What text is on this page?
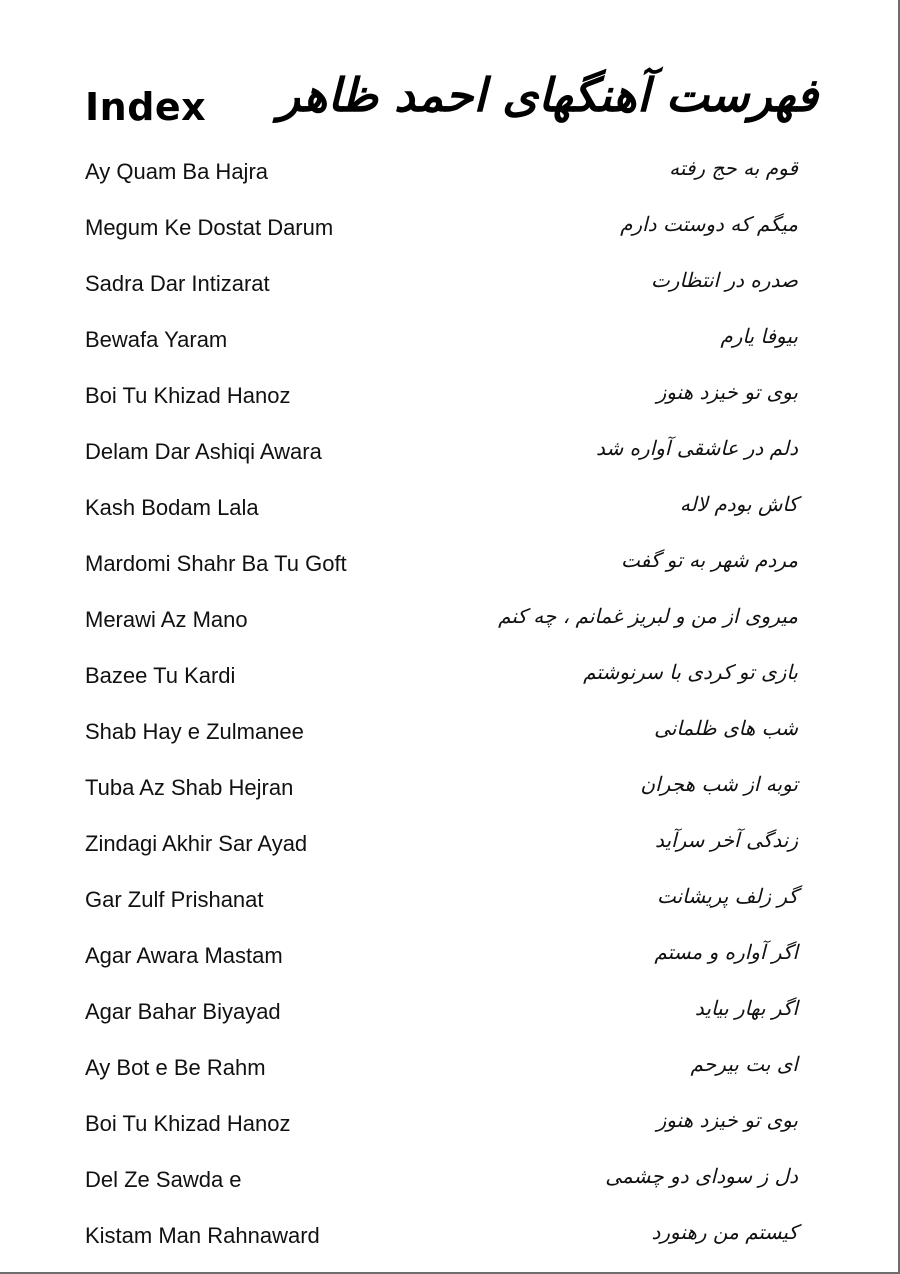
Index فهرست آهنگهای احمد ظاهر
Ay Quam Ba Hajra	قوم به حج رفته
Megum Ke Dostat Darum	میگم که دوستت دارم
Sadra Dar Intizarat	صدره در انتظارت
Bewafa Yaram	بیوفا یارم
Boi Tu Khizad Hanoz	بوی تو خیزد هنوز
Delam Dar Ashiqi Awara	دلم در عاشقی آواره شد
Kash Bodam Lala	کاش بودم لاله
Mardomi Shahr Ba Tu Goft	مردم شهر به تو گفت
Merawi Az Mano	میروی از من و لبریز غمانم ، چه کنم
Bazee Tu Kardi	بازی تو کردی با سرنوشتم
Shab Hay e Zulmanee	شب های ظلمانی
Tuba Az Shab Hejran	توبه از شب هجران
Zindagi Akhir Sar Ayad	زندگی آخر سرآید
Gar Zulf Prishanat	گر زلف پریشانت
Agar Awara Mastam	اگر آواره و مستم
Agar Bahar Biyayad	اگر بهار بیاید
Ay Bot e Be Rahm	ای بت بیرحم
Boi Tu Khizad Hanoz	بوی تو خیزد هنوز
Del Ze Sawda e	دل ز سودای دو چشمی
Kistam Man Rahnaward	کیستم من رهنورد
